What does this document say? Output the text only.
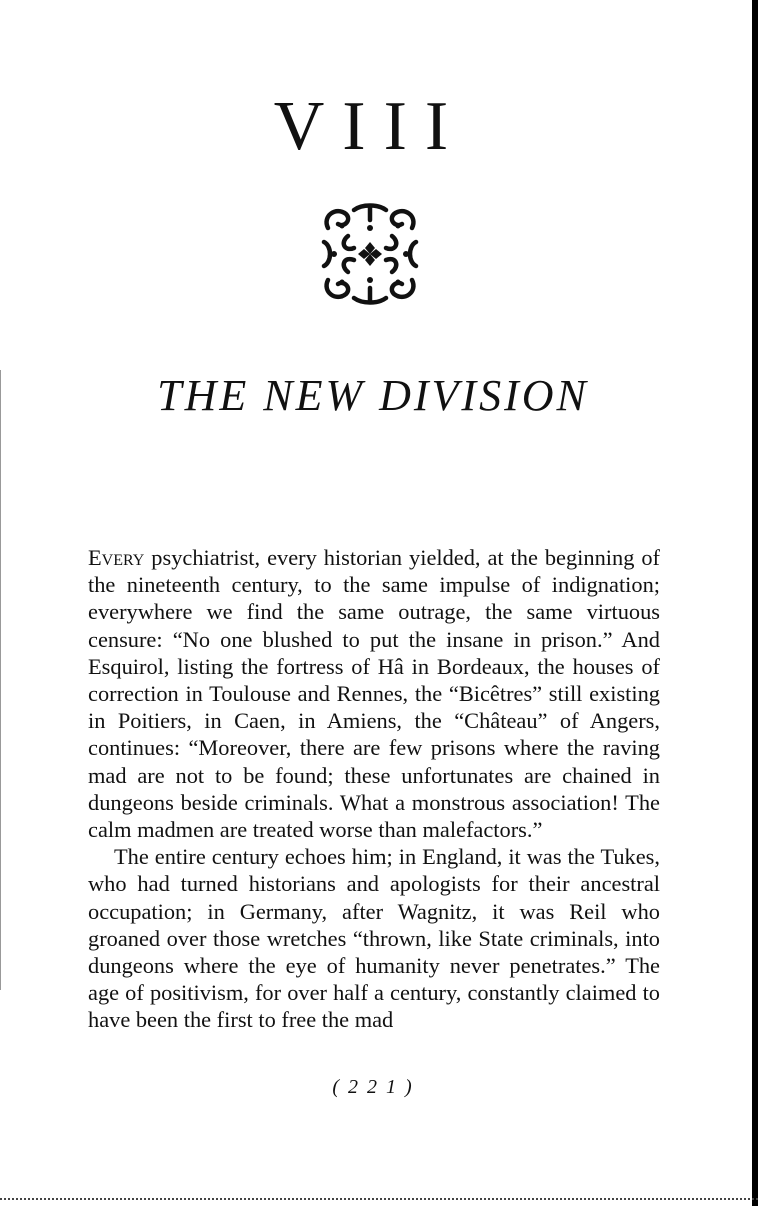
VIII
THE NEW DIVISION

Every psychiatrist, every historian yielded, at the beginning of the nineteenth century, to the same impulse of indignation; everywhere we find the same outrage, the same virtuous censure: “No one blushed to put the insane in prison.” And Esquirol, listing the fortress of Hâ in Bordeaux, the houses of correction in Toulouse and Rennes, the “Bicêtres” still existing in Poitiers, in Caen, in Amiens, the “Château” of Angers, continues: “Moreover, there are few prisons where the raving mad are not to be found; these unfortunates are chained in dungeons beside criminals. What a monstrous association! The calm madmen are treated worse than malefactors.”

The entire century echoes him; in England, it was the Tukes, who had turned historians and apologists for their ancestral occupation; in Germany, after Wagnitz, it was Reil who groaned over those wretches “thrown, like State criminals, into dungeons where the eye of humanity never penetrates.” The age of positivism, for over half a century, constantly claimed to have been the first to free the mad

( 2 2 1 )
